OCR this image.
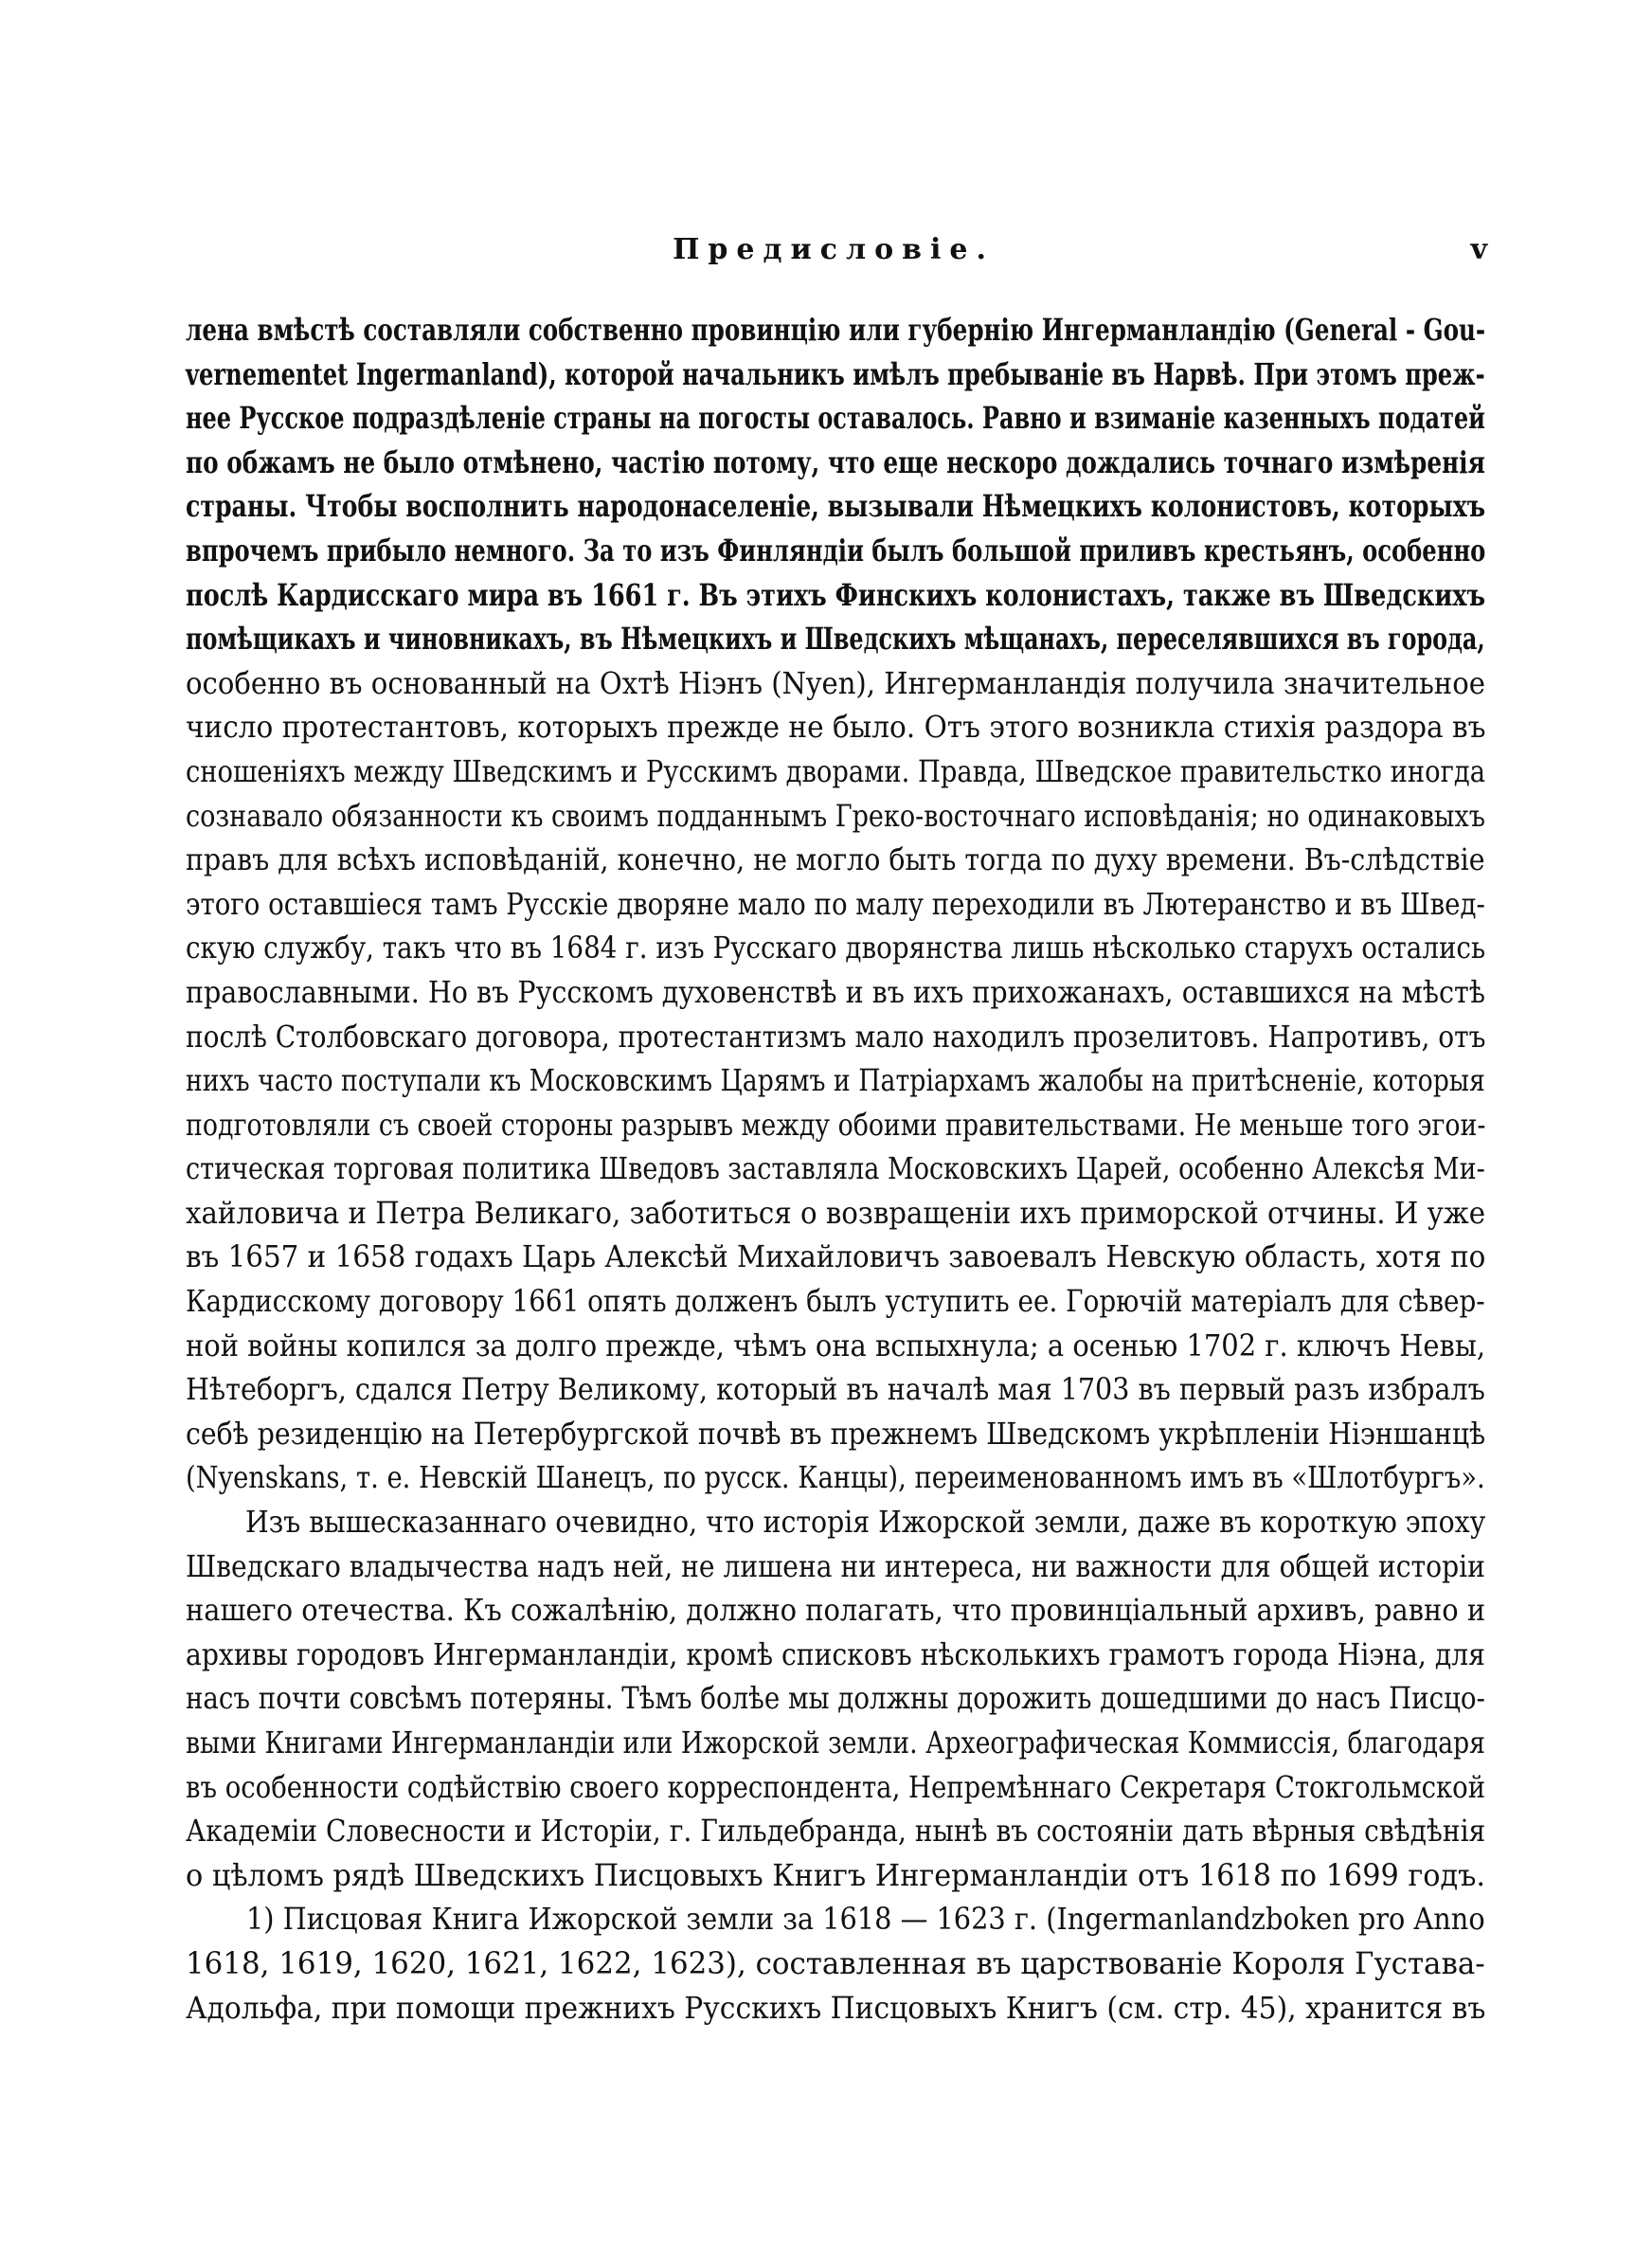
Предисловiе.	v
лена вмѣстѣ составляли собственно провинцiю или губернiю Ингерманландiю (General - Gou-
vernementet Ingermanland), которой начальникъ имѣлъ пребыванiе въ Нарвѣ. При этомъ преж-
нее Русское подраздѣленiе страны на погосты оставалось. Равно и взиманiе казенныхъ податей
по обжамъ не было отмѣнено, частiю потому, что еще нескоро дождались точнаго измѣренiя
страны. Чтобы восполнить народонаселенiе, вызывали Нѣмецкихъ колонистовъ, которыхъ
впрочемъ прибыло немного. За то изъ Финляндiи былъ большой приливъ крестьянъ, особенно
послѣ Кардисскаго мира въ 1661 г. Въ этихъ Финскихъ колонистахъ, также въ Шведскихъ
помѣщикахъ и чиновникахъ, въ Нѣмецкихъ и Шведскихъ мѣщанахъ, переселявшихся въ города,
особенно въ основанный на Охтѣ Нiэнъ (Nyen), Ингерманландiя получила значительное
число протестантовъ, которыхъ прежде не было. Отъ этого возникла стихiя раздора въ
сношенiяхъ между Шведскимъ и Русскимъ дворами. Правда, Шведское правительстко иногда
сознавало обязанности къ своимъ подданнымъ Греко-восточнаго исповѣданiя; но одинаковыхъ
правъ для всѣхъ исповѣданiй, конечно, не могло быть тогда по духу времени. Въ-слѣдствiе
этого оставшiеся тамъ Русскiе дворяне мало по малу переходили въ Лютеранство и въ Швед-
скую службу, такъ что въ 1684 г. изъ Русскаго дворянства лишь нѣсколько старухъ остались
православными. Но въ Русскомъ духовенствѣ и въ ихъ прихожанахъ, оставшихся на мѣстѣ
послѣ Столбовскаго договора, протестантизмъ мало находилъ прозелитовъ. Напротивъ, отъ
нихъ часто поступали къ Московскимъ Царямъ и Патрiархамъ жалобы на притѣсненiе, которыя
подготовляли съ своей стороны разрывъ между обоими правительствами. Не меньше того эгои-
стическая торговая политика Шведовъ заставляла Московскихъ Царей, особенно Алексѣя Ми-
хайловича и Петра Великаго, заботиться о возвращенiи ихъ приморской отчины. И уже
въ 1657 и 1658 годахъ Царь Алексѣй Михайловичъ завоевалъ Невскую область, хотя по
Кардисскому договору 1661 опять долженъ былъ уступить ее. Горючiй матерiалъ для сѣвер-
ной войны копился за долго прежде, чѣмъ она вспыхнула; а осенью 1702 г. ключъ Невы,
Нѣтеборгъ, сдался Петру Великому, который въ началѣ мая 1703 въ первый разъ избралъ
себѣ резиденцiю на Петербургской почвѣ въ прежнемъ Шведскомъ укрѣпленiи Нiэншанцѣ
(Nyenskans, т. е. Невскiй Шанецъ, по русск. Канцы), переименованномъ имъ въ «Шлотбургъ».
Изъ вышесказаннаго очевидно, что исторiя Ижорской земли, даже въ короткую эпоху
Шведскаго владычества надъ ней, не лишена ни интереса, ни важности для общей исторiи
нашего отечества. Къ сожалѣнiю, должно полагать, что провинцiальный архивъ, равно и
архивы городовъ Ингерманландiи, кромѣ списковъ нѣсколькихъ грамотъ города Нiэна, для
насъ почти совсѣмъ потеряны. Тѣмъ болѣе мы должны дорожить дошедшими до насъ Писцо-
выми Книгами Ингерманландiи или Ижорской земли. Археографическая Коммиссiя, благодаря
въ особенности содѣйствiю своего корреспондента, Непремѣннаго Секретаря Стокгольмской
Академiи Словесности и Исторiи, г. Гильдебранда, нынѣ въ состоянiи дать вѣрныя свѣдѣнiя
о цѣломъ рядѣ Шведскихъ Писцовыхъ Книгъ Ингерманландiи отъ 1618 по 1699 годъ.
1) Писцовая Книга Ижорской земли за 1618 — 1623 г. (Ingermanlandzboken pro Anno
1618, 1619, 1620, 1621, 1622, 1623), составленная въ царствованiе Короля Густава-
Адольфа, при помощи прежнихъ Русскихъ Писцовыхъ Книгъ (см. стр. 45), хранится въ
